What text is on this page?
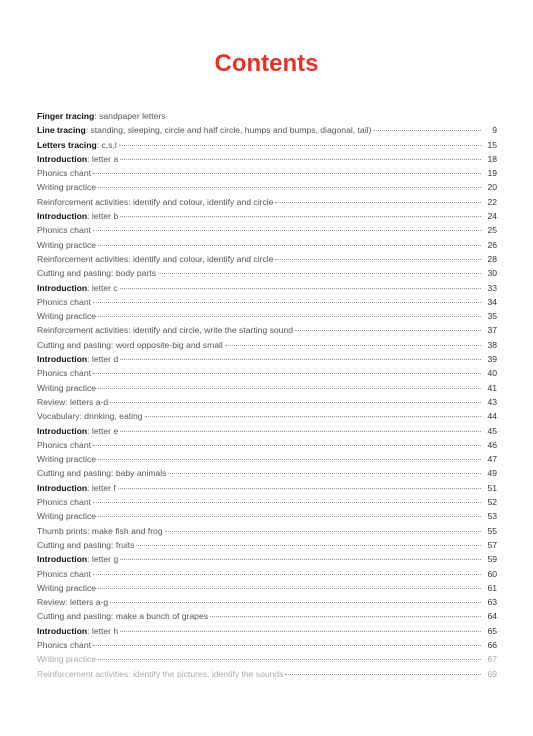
Contents
Finger tracing : sandpaper letters
Line tracing : standing, sleeping, circle and half circle, humps and bumps, diagonal, tail)	9
Letters tracing : c,s,l	15
Introduction : letter a	18
Phonics chant	19
Writing practice	20
Reinforcement activities: identify and colour, identify and circle	22
Introduction : letter b	24
Phonics chant	25
Writing practice	26
Reinforcement activities: identify and colour, identify and circle	28
Cutting and pasting: body parts	30
Introduction : letter c	33
Phonics chant	34
Writing practice	35
Reinforcement activities: identify and circle, write the starting sound	37
Cutting and pasting: word opposite-big and small	38
Introduction : letter d	39
Phonics chant	40
Writing practice	41
Review: letters a-d	43
Vocabulary: drinking, eating	44
Introduction : letter e	45
Phonics chant	46
Writing practice	47
Cutting and pasting: baby animals	49
Introduction : letter f	51
Phonics chant	52
Writing practice	53
Thumb prints: make fish and frog	55
Cutting and pasting: fruits	57
Introduction : letter g	59
Phonics chant	60
Writing practice	61
Review: letters a-g	63
Cutting and pasting: make a bunch of grapes	64
Introduction : letter h	65
Phonics chant	66
Writing practice	67
Reinforcement activities: identify the pictures, identify the sounds	69
